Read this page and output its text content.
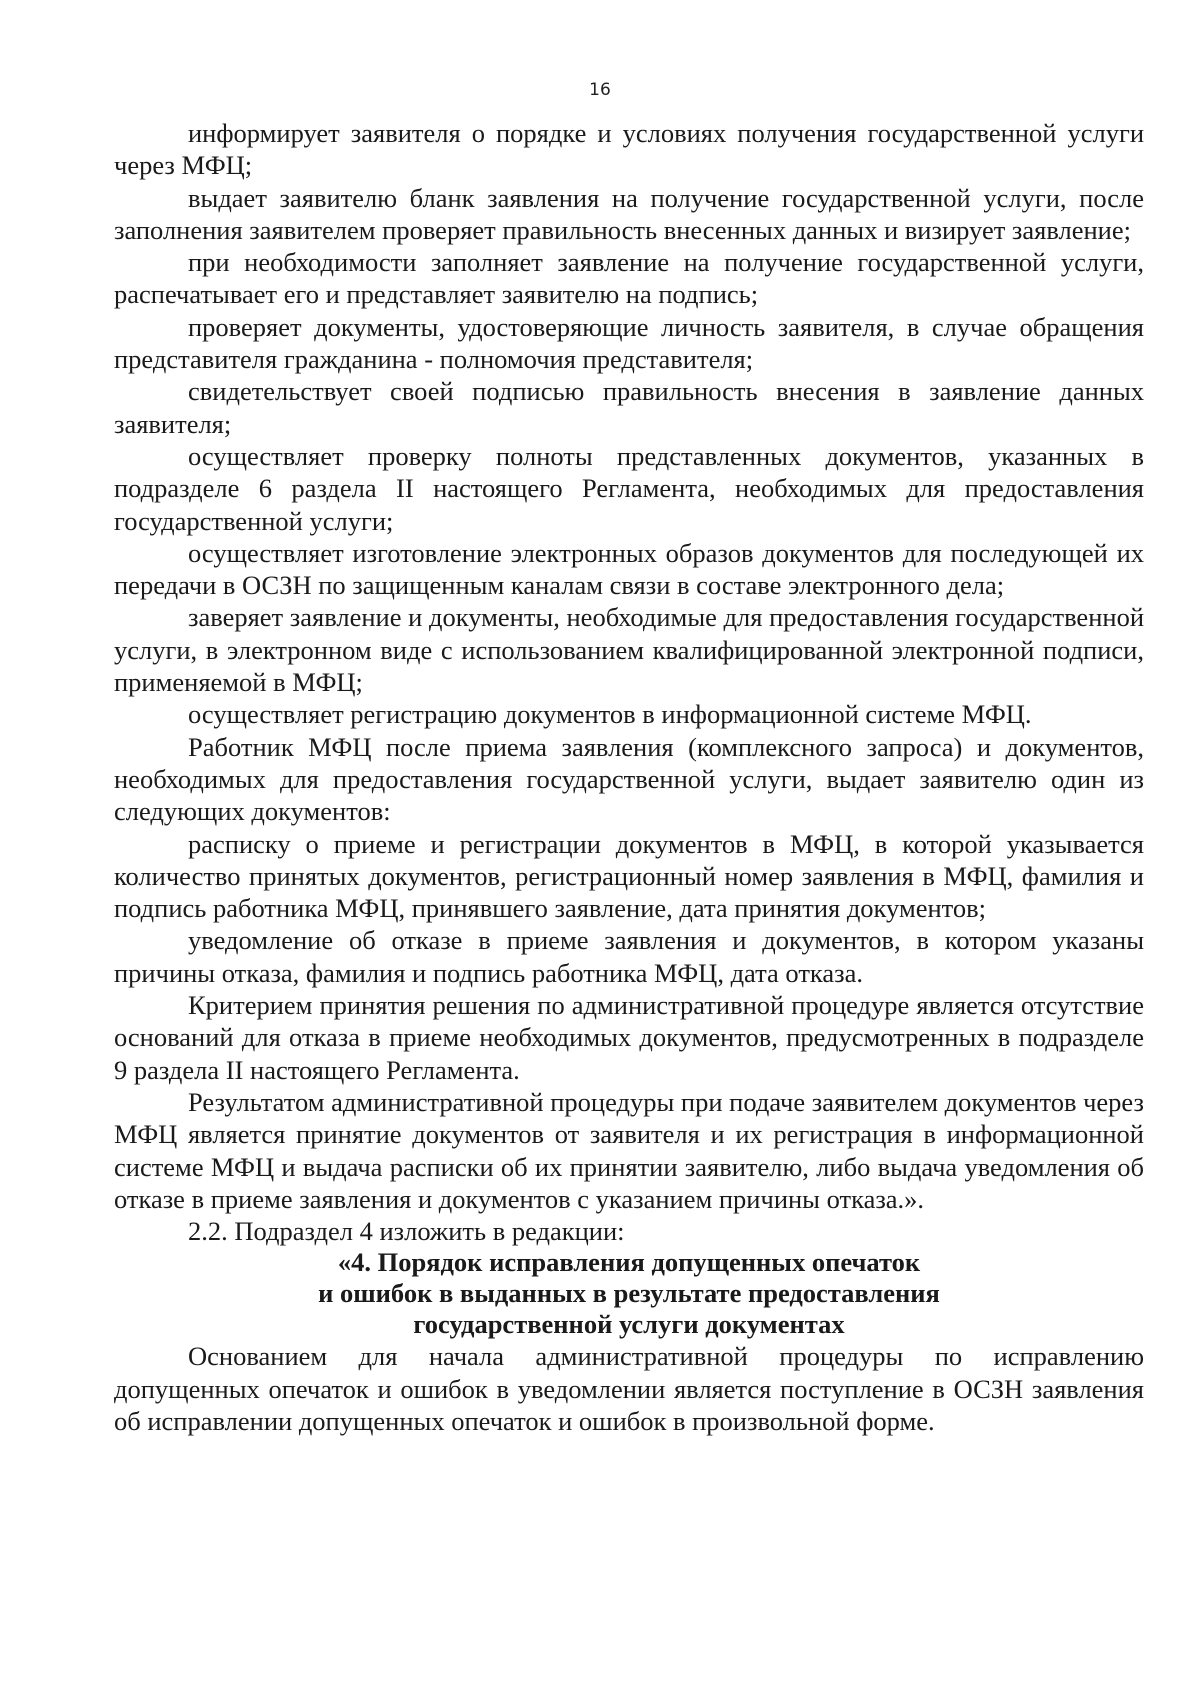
16

информирует заявителя о порядке и условиях получения государственной услуги через МФЦ;

выдает заявителю бланк заявления на получение государственной услуги, после заполнения заявителем проверяет правильность внесенных данных и визирует заявление;

при необходимости заполняет заявление на получение государственной услуги, распечатывает его и представляет заявителю на подпись;

проверяет документы, удостоверяющие личность заявителя, в случае обращения представителя гражданина - полномочия представителя;

свидетельствует своей подписью правильность внесения в заявление данных заявителя;

осуществляет проверку полноты представленных документов, указанных в подразделе 6 раздела II настоящего Регламента, необходимых для предоставления государственной услуги;

осуществляет изготовление электронных образов документов для последующей их передачи в ОСЗН по защищенным каналам связи в составе электронного дела;

заверяет заявление и документы, необходимые для предоставления государственной услуги, в электронном виде с использованием квалифицированной электронной подписи, применяемой в МФЦ;

осуществляет регистрацию документов в информационной системе МФЦ.

Работник МФЦ после приема заявления (комплексного запроса) и документов, необходимых для предоставления государственной услуги, выдает заявителю один из следующих документов:

расписку о приеме и регистрации документов в МФЦ, в которой указывается количество принятых документов, регистрационный номер заявления в МФЦ, фамилия и подпись работника МФЦ, принявшего заявление, дата принятия документов;

уведомление об отказе в приеме заявления и документов, в котором указаны причины отказа, фамилия и подпись работника МФЦ, дата отказа.

Критерием принятия решения по административной процедуре является отсутствие оснований для отказа в приеме необходимых документов, предусмотренных в подразделе 9 раздела II настоящего Регламента.

Результатом административной процедуры при подаче заявителем документов через МФЦ является принятие документов от заявителя и их регистрация в информационной системе МФЦ и выдача расписки об их принятии заявителю, либо выдача уведомления об отказе в приеме заявления и документов с указанием причины отказа.».

2.2. Подраздел 4 изложить в редакции:

«4. Порядок исправления допущенных опечаток
и ошибок в выданных в результате предоставления
государственной услуги документах

Основанием для начала административной процедуры по исправлению допущенных опечаток и ошибок в уведомлении является поступление в ОСЗН заявления об исправлении допущенных опечаток и ошибок в произвольной форме.
